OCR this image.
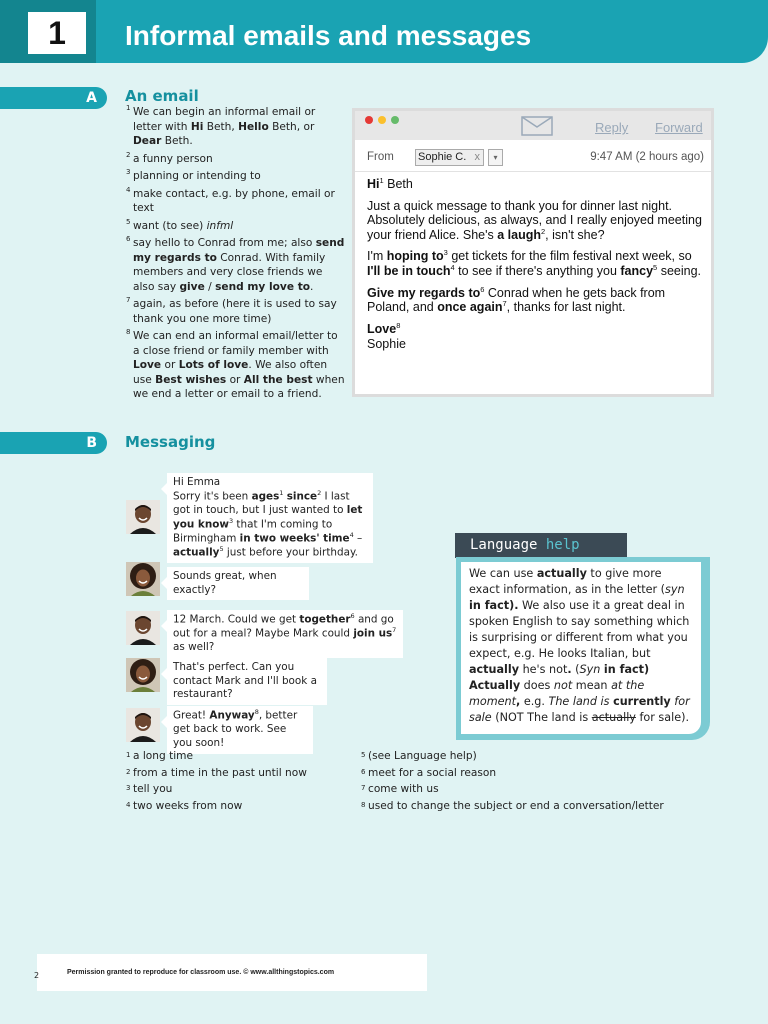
1	Informal emails and messages
A	An email
1 We can begin an informal email or letter with Hi Beth, Hello Beth, or Dear Beth.
2 a funny person
3 planning or intending to
4 make contact, e.g. by phone, email or text
5 want (to see) infml
6 say hello to Conrad from me; also send my regards to Conrad. With family members and very close friends we also say give / send my love to.
7 again, as before (here it is used to say thank you one more time)
8 We can end an informal email/letter to a close friend or family member with Love or Lots of love. We also often use Best wishes or All the best when we end a letter or email to a friend.
Reply Forward
From Sophie C. x	▾	9:47 AM (2 hours ago)

Hi$^1$ Beth

Just a quick message to thank you for dinner last night. Absolutely delicious, as always, and I really enjoyed meeting your friend Alice. She's a laugh$^2$, isn't she?

I'm hoping $to^3$ get tickets for the film festival next week, so I'll be in touch$^4$ to see if there's anything you fancy$^5$ seeing.

Give my regards $to^6$ Conrad when he gets back from Poland, and once again$^7$, thanks for last night.

Love$^8$
Sophie

B	Messaging
Hi Emma
Sorry it's been ages$^1$ since$^2$ I last got in touch, but I just wanted to let you know$^3$ that I'm coming to Birmingham in two weeks' time$^4$ – actually$^5$ just before your birthday.
Sounds great, when exactly?
12 March. Could we get together$^6$ and go out for a meal? Maybe Mark could join $us^7$ as well?
That's perfect. Can you contact Mark and I'll book a restaurant?
Great! Anyway$^8$, better get back to work. See you soon!
1 a long time
2 from a time in the past until now
3 tell you
4 two weeks from now
5 (see Language help)
6 meet for a social reason
7 come with us
8 used to change the subject or end a conversation/letter
Language help
We can use actually to give more exact information, as in the letter (syn in fact). We also use it a great deal in spoken English to say something which is surprising or different from what you expect, e.g. He looks Italian, but actually he's not. (Syn in fact)
Actually does not mean at the moment, e.g. The land is currently for sale (NOT The land is actually for sale).
Permission granted to reproduce for classroom use. © www.allthingstopics.com
2
